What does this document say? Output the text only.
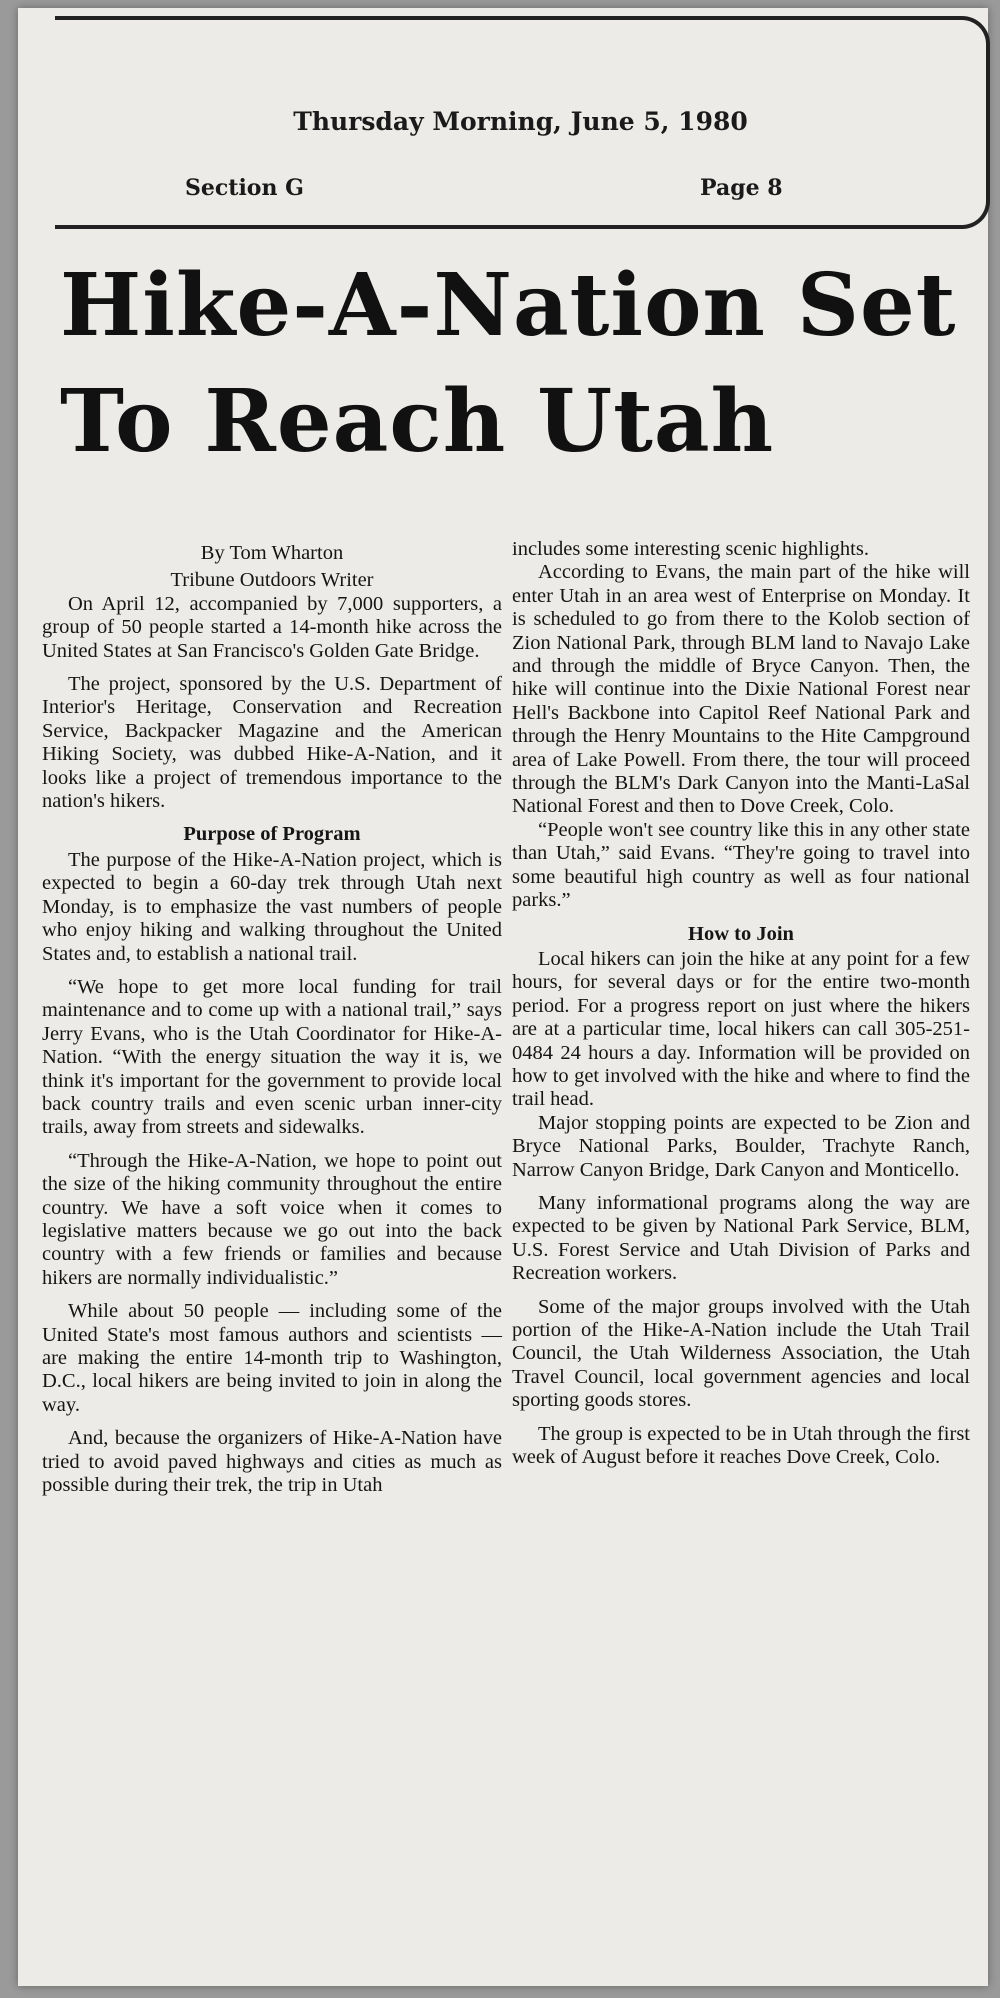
Thursday Morning, June 5, 1980
Section G	Page 8
Hike-A-Nation Set
To Reach Utah
By Tom Wharton
Tribune Outdoors Writer

On April 12, accompanied by 7,000 supporters, a group of 50 people started a 14-month hike across the United States at San Francisco's Golden Gate Bridge.

The project, sponsored by the U.S. Department of Interior's Heritage, Conservation and Recreation Service, Backpacker Magazine and the American Hiking Society, was dubbed Hike-A-Nation, and it looks like a project of tremendous importance to the nation's hikers.

Purpose of Program

The purpose of the Hike-A-Nation project, which is expected to begin a 60-day trek through Utah next Monday, is to emphasize the vast numbers of people who enjoy hiking and walking throughout the United States and, to establish a national trail.

“We hope to get more local funding for trail maintenance and to come up with a national trail,” says Jerry Evans, who is the Utah Coordinator for Hike-A-Nation. “With the energy situation the way it is, we think it's important for the government to provide local back country trails and even scenic urban inner-city trails, away from streets and sidewalks.

“Through the Hike-A-Nation, we hope to point out the size of the hiking community throughout the entire country. We have a soft voice when it comes to legislative matters because we go out into the back country with a few friends or families and because hikers are normally individualistic.”

While about 50 people — including some of the United State's most famous authors and scientists — are making the entire 14-month trip to Washington, D.C., local hikers are being invited to join in along the way.

And, because the organizers of Hike-A-Nation have tried to avoid paved highways and cities as much as possible during their trek, the trip in Utah

includes some interesting scenic highlights.

According to Evans, the main part of the hike will enter Utah in an area west of Enterprise on Monday. It is scheduled to go from there to the Kolob section of Zion National Park, through BLM land to Navajo Lake and through the middle of Bryce Canyon. Then, the hike will continue into the Dixie National Forest near Hell's Backbone into Capitol Reef National Park and through the Henry Mountains to the Hite Campground area of Lake Powell. From there, the tour will proceed through the BLM's Dark Canyon into the Manti-LaSal National Forest and then to Dove Creek, Colo.

“People won't see country like this in any other state than Utah,” said Evans. “They're going to travel into some beautiful high country as well as four national parks.”

How to Join

Local hikers can join the hike at any point for a few hours, for several days or for the entire two-month period. For a progress report on just where the hikers are at a particular time, local hikers can call 305-251-0484 24 hours a day. Information will be provided on how to get involved with the hike and where to find the trail head.

Major stopping points are expected to be Zion and Bryce National Parks, Boulder, Trachyte Ranch, Narrow Canyon Bridge, Dark Canyon and Monticello.

Many informational programs along the way are expected to be given by National Park Service, BLM, U.S. Forest Service and Utah Division of Parks and Recreation workers.

Some of the major groups involved with the Utah portion of the Hike-A-Nation include the Utah Trail Council, the Utah Wilderness Association, the Utah Travel Council, local government agencies and local sporting goods stores.

The group is expected to be in Utah through the first week of August before it reaches Dove Creek, Colo.
